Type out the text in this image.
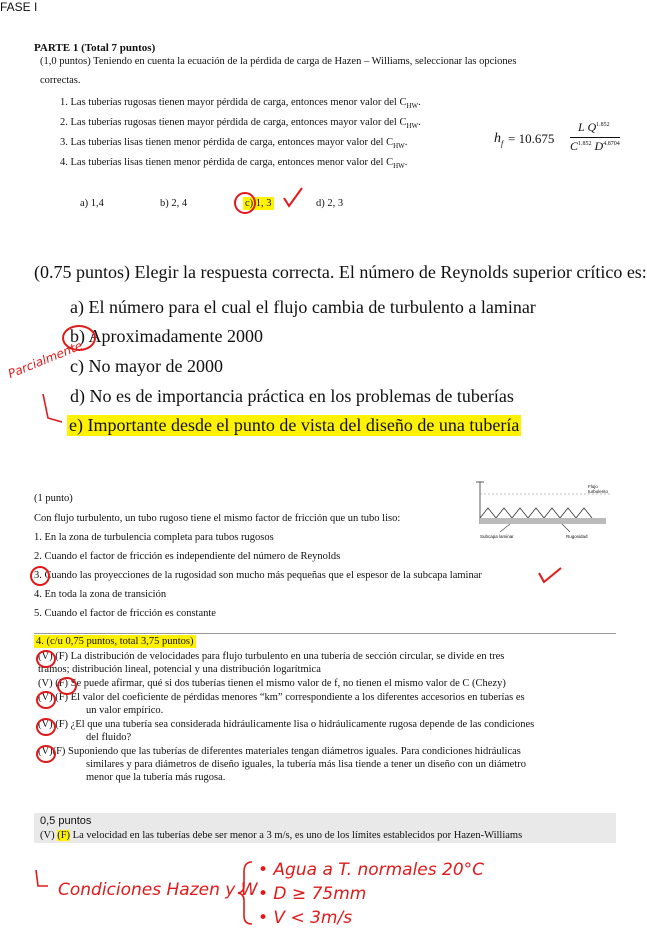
FASE I
PARTE 1 (Total 7 puntos)
(1,0 puntos) Teniendo en cuenta la ecuación de la pérdida de carga de Hazen – Williams, seleccionar las opciones
correctas.
1. Las tuberías rugosas tienen mayor pérdida de carga, entonces menor valor del $C_{HW}$.
2. Las tuberías rugosas tienen mayor pérdida de carga, entonces mayor valor del $C_{HW}$.
3. Las tuberías lisas tienen menor pérdida de carga, entonces mayor valor del $C_{HW}$.
4. Las tuberías lisas tienen menor pérdida de carga, entonces menor valor del $C_{HW}$.
$h_f = 10.675$
L $Q^{1.852}$
$C^{1.852}$ $D^{4.8704}$
a) 1,4	b) 2, 4	c) 1, 3	d) 2, 3
(0.75 puntos) Elegir la respuesta correcta. El número de Reynolds superior crítico es:
a) El número para el cual el flujo cambia de turbulento a laminar
b) Aproximadamente 2000
c) No mayor de 2000
d) No es de importancia práctica en los problemas de tuberías
e) Importante desde el punto de vista del diseño de una tubería
Parcialmente
(1 punto)
Con flujo turbulento, un tubo rugoso tiene el mismo factor de fricción que un tubo liso:
1. En la zona de turbulencia completa para tubos rugosos
2. Cuando el factor de fricción es independiente del número de Reynolds
3. Cuando las proyecciones de la rugosidad son mucho más pequeñas que el espesor de la subcapa laminar
4. En toda la zona de transición
5. Cuando el factor de fricción es constante
Subcapa laminar	Rugosidad
Flujo turbulento
4. (c/u 0,75 puntos, total 3,75 puntos)
(V) (F) La distribución de velocidades para flujo turbulento en una tubería de sección circular, se divide en tres
tramos; distribución lineal, potencial y una distribución logarítmica
(V) (F) Se puede afirmar, qué si dos tuberías tienen el mismo valor de f, no tienen el mismo valor de C (Chezy)
(V) (F) El valor del coeficiente de pérdidas menores “km” correspondiente a los diferentes accesorios en tuberías es
un valor empírico.
(V) (F) ¿El que una tubería sea considerada hidráulicamente lisa o hidráulicamente rugosa depende de las condiciones
del fluido?
(V)(F) Suponiendo que las tuberías de diferentes materiales tengan diámetros iguales. Para condiciones hidráulicas
similares y para diámetros de diseño iguales, la tubería más lisa tiende a tener un diseño con un diámetro
menor que la tubería más rugosa.
0,5 puntos
(V) (F) La velocidad en las tuberías debe ser menor a 3 m/s, es uno de los límites establecidos por Hazen-Williams
Condiciones Hazen y W
• Agua a T. normales 20°C
• D ≥ 75mm
• V < 3m/s
